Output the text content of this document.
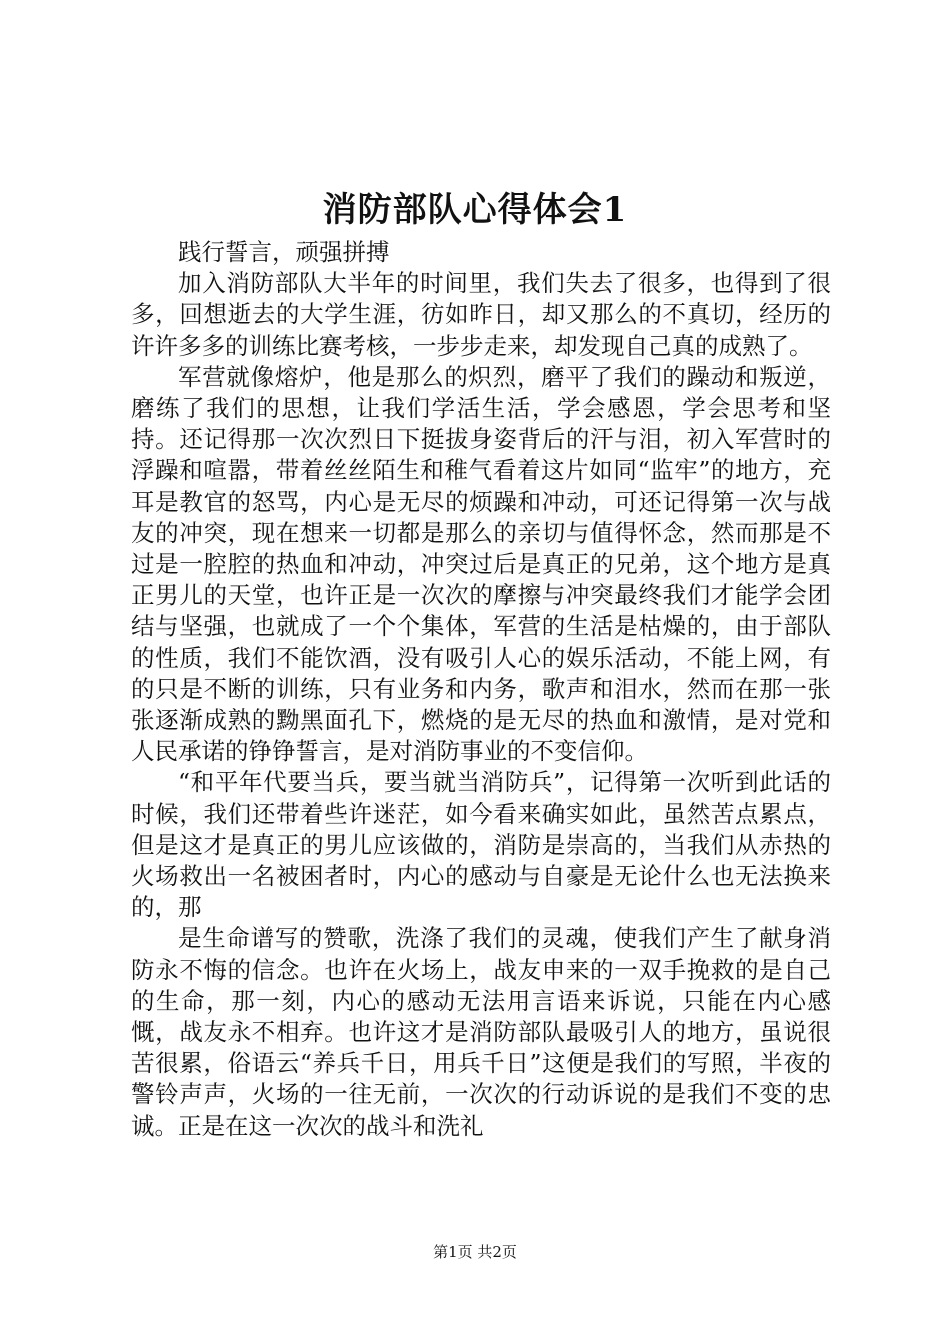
消防部队心得体会1

践行誓言，顽强拼搏

加入消防部队大半年的时间里，我们失去了很多，也得到了很多，回想逝去的大学生涯，彷如昨日，却又那么的不真切，经历的许许多多的训练比赛考核，一步步走来，却发现自己真的成熟了。

军营就像熔炉，他是那么的炽烈，磨平了我们的躁动和叛逆，磨练了我们的思想，让我们学活生活，学会感恩，学会思考和坚持。还记得那一次次烈日下挺拔身姿背后的汗与泪，初入军营时的浮躁和喧嚣，带着丝丝陌生和稚气看着这片如同“监牢”的地方，充耳是教官的怒骂，内心是无尽的烦躁和冲动，可还记得第一次与战友的冲突，现在想来一切都是那么的亲切与值得怀念，然而那是不过是一腔腔的热血和冲动，冲突过后是真正的兄弟，这个地方是真正男儿的天堂，也许正是一次次的摩擦与冲突最终我们才能学会团结与坚强，也就成了一个个集体，军营的生活是枯燥的，由于部队的性质，我们不能饮酒，没有吸引人心的娱乐活动，不能上网，有的只是不断的训练，只有业务和内务，歌声和泪水，然而在那一张张逐渐成熟的黝黑面孔下，燃烧的是无尽的热血和激情，是对党和人民承诺的铮铮誓言，是对消防事业的不变信仰。

“和平年代要当兵，要当就当消防兵”，记得第一次听到此话的时候，我们还带着些许迷茫，如今看来确实如此，虽然苦点累点，但是这才是真正的男儿应该做的，消防是崇高的，当我们从赤热的火场救出一名被困者时，内心的感动与自豪是无论什么也无法换来的，那

是生命谱写的赞歌，洗涤了我们的灵魂，使我们产生了献身消防永不悔的信念。也许在火场上，战友申来的一双手挽救的是自己的生命，那一刻，内心的感动无法用言语来诉说，只能在内心感慨，战友永不相弃。也许这才是消防部队最吸引人的地方，虽说很苦很累，俗语云“养兵千日，用兵千日”这便是我们的写照，半夜的警铃声声，火场的一往无前，一次次的行动诉说的是我们不变的忠诚。正是在这一次次的战斗和洗礼

第1页 共2页
